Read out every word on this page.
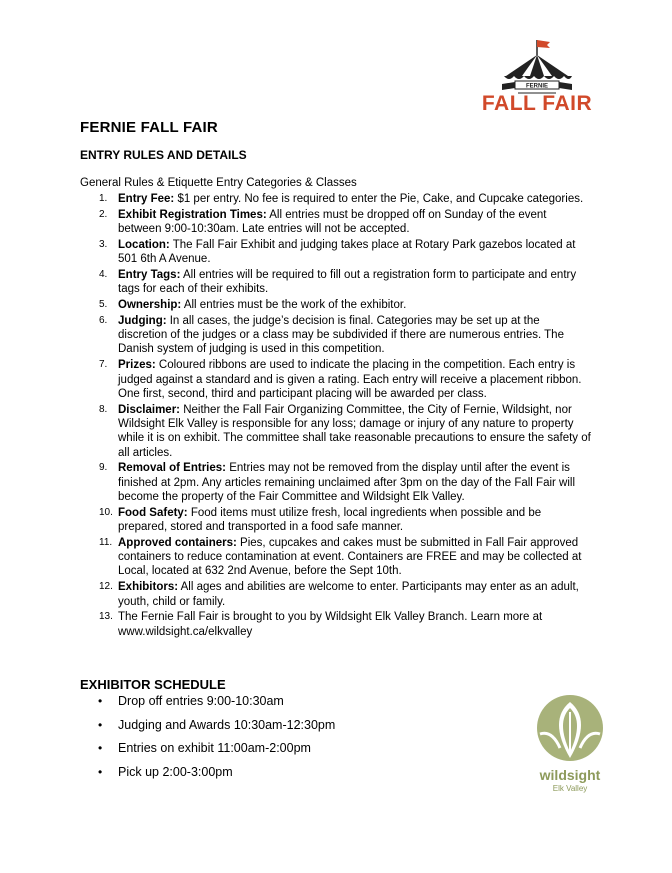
FERNIE
FALL FAIR
FERNIE FALL FAIR
ENTRY RULES AND DETAILS
General Rules & Etiquette Entry Categories & Classes
1. Entry Fee: $1 per entry. No fee is required to enter the Pie, Cake, and Cupcake categories.
2. Exhibit Registration Times: All entries must be dropped off on Sunday of the event between 9:00-10:30am. Late entries will not be accepted.
3. Location: The Fall Fair Exhibit and judging takes place at Rotary Park gazebos located at 501 6th A Avenue.
4. Entry Tags: All entries will be required to fill out a registration form to participate and entry tags for each of their exhibits.
5. Ownership: All entries must be the work of the exhibitor.
6. Judging: In all cases, the judge’s decision is final. Categories may be set up at the discretion of the judges or a class may be subdivided if there are numerous entries. The Danish system of judging is used in this competition.
7. Prizes: Coloured ribbons are used to indicate the placing in the competition. Each entry is judged against a standard and is given a rating. Each entry will receive a placement ribbon. One first, second, third and participant placing will be awarded per class.
8. Disclaimer: Neither the Fall Fair Organizing Committee, the City of Fernie, Wildsight, nor Wildsight Elk Valley is responsible for any loss; damage or injury of any nature to property while it is on exhibit. The committee shall take reasonable precautions to ensure the safety of all articles.
9. Removal of Entries: Entries may not be removed from the display until after the event is finished at 2pm. Any articles remaining unclaimed after 3pm on the day of the Fall Fair will become the property of the Fair Committee and Wildsight Elk Valley.
10. Food Safety: Food items must utilize fresh, local ingredients when possible and be prepared, stored and transported in a food safe manner.
11. Approved containers: Pies, cupcakes and cakes must be submitted in Fall Fair approved containers to reduce contamination at event. Containers are FREE and may be collected at Local, located at 632 2nd Avenue, before the Sept 10th.
12. Exhibitors: All ages and abilities are welcome to enter. Participants may enter as an adult, youth, child or family.
13. The Fernie Fall Fair is brought to you by Wildsight Elk Valley Branch. Learn more at www.wildsight.ca/elkvalley
EXHIBITOR SCHEDULE
• Drop off entries 9:00-10:30am
• Judging and Awards 10:30am-12:30pm
• Entries on exhibit 11:00am-2:00pm
• Pick up 2:00-3:00pm	wildsight
Elk Valley
